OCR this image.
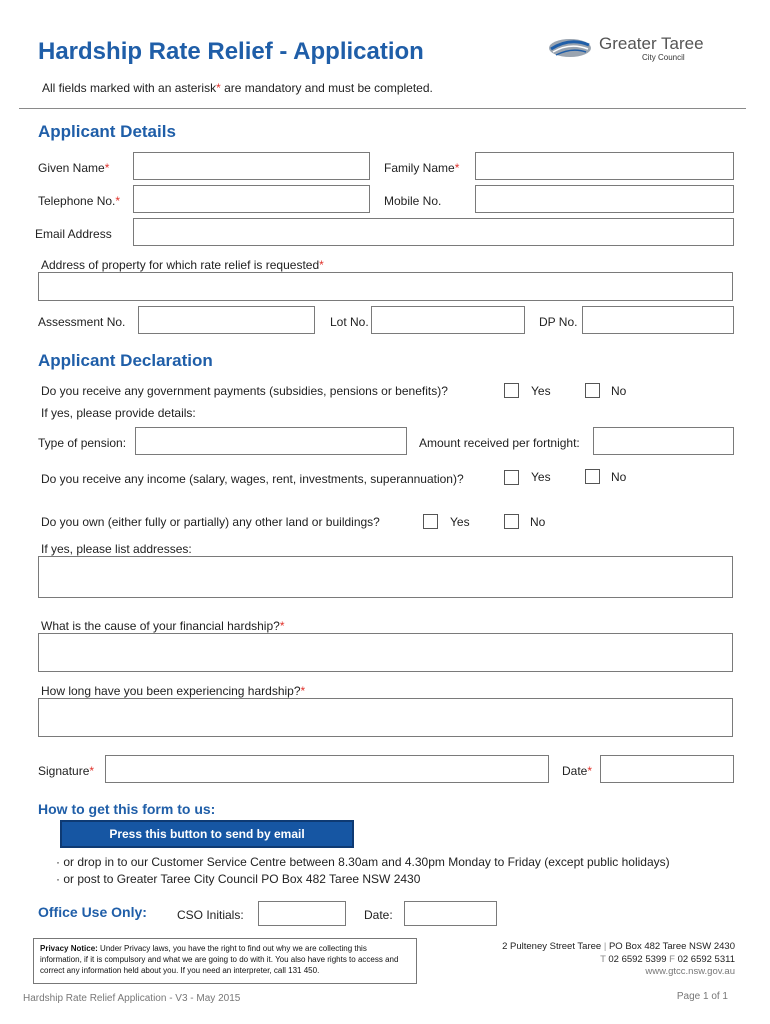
Hardship Rate Relief - Application	Greater Taree
City Council
All fields marked with an asterisk* are mandatory and must be completed.
Applicant Details
Given Name*	Family Name*
Telephone No.*	Mobile No.
Email Address
Address of property for which rate relief is requested*
Assessment No.	Lot No.	DP No.
Applicant Declaration
Do you receive any government payments (subsidies, pensions or benefits)?	Yes	No
If yes, please provide details:
Type of pension:	Amount received per fortnight:
Do you receive any income (salary, wages, rent, investments, superannuation)?	Yes	No
Do you own (either fully or partially) any other land or buildings?	Yes	No
If yes, please list addresses:
What is the cause of your financial hardship?*
How long have you been experiencing hardship?*
Signature*	Date*
How to get this form to us:
Press this button to send by email
· or drop in to our Customer Service Centre between 8.30am and 4.30pm Monday to Friday (except public holidays)
· or post to Greater Taree City Council PO Box 482 Taree NSW 2430
Office Use Only:	CSO Initials:	Date:
Privacy Notice: Under Privacy laws, you have the right to find out why we are collecting this information, if it is compulsory and what we are going to do with it. You also have rights to access and correct any information held about you. If you need an interpreter, call 131 450.
2 Pulteney Street Taree | PO Box 482 Taree NSW 2430
T 02 6592 5399 F 02 6592 5311
www.gtcc.nsw.gov.au
Hardship Rate Relief Application - V3 - May 2015	Page 1 of 1
